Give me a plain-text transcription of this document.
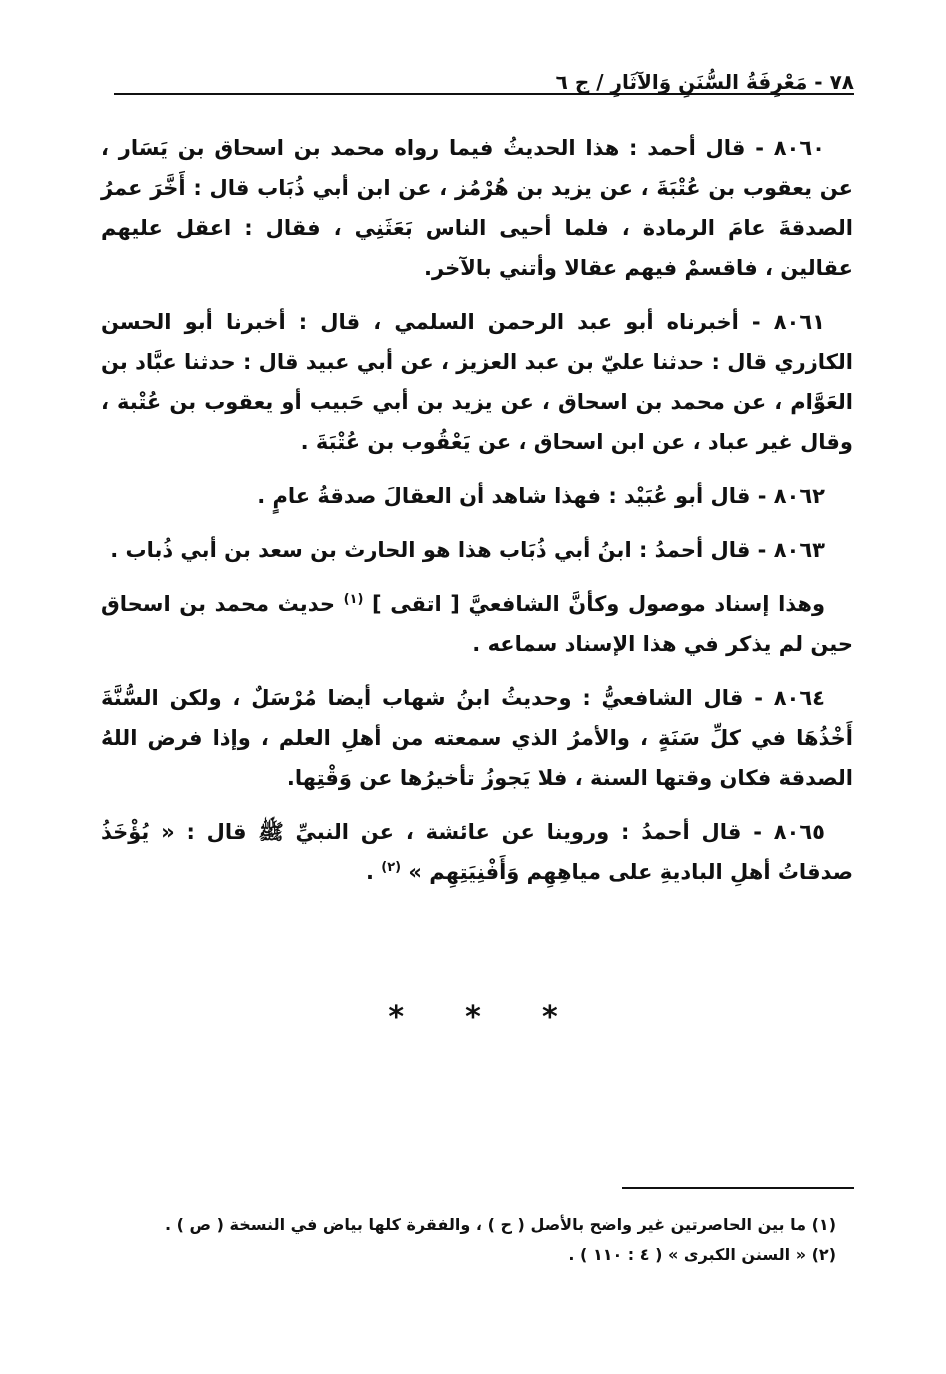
٧٨ - مَعْرِفَةُ السُّنَنِ وَالآثَارِ / ج ٦

٨٠٦٠ - قال أحمد : هذا الحديثُ فيما رواه محمد بن اسحاق بن يَسَار ، عن يعقوب بن عُتْبَةَ ، عن يزيد بن هُرْمُز ، عن ابن أبي ذُبَاب قال : أَخَّرَ عمرُ الصدقةَ عامَ الرمادة ، فلما أحيى الناس بَعَثَنِي ، فقال : اعقل عليهم عقالين ، فاقسمْ فيهم عقالا وأتني بالآخر.

٨٠٦١ - أخبرناه أبو عبد الرحمن السلمي ، قال : أخبرنا أبو الحسن الكازري قال : حدثنا عليّ بن عبد العزيز ، عن أبي عبيد قال : حدثنا عبَّاد بن العَوَّام ، عن محمد بن اسحاق ، عن يزيد بن أبي حَبيب أو يعقوب بن عُتْبة ، وقال غير عباد ، عن ابن اسحاق ، عن يَعْقُوب بن عُتْبَةَ .

٨٠٦٢ - قال أبو عُبَيْد : فهذا شاهد أن العقالَ صدقةُ عامٍ .

٨٠٦٣ - قال أحمدُ : ابنُ أبي ذُبَاب هذا هو الحارث بن سعد بن أبي ذُباب .

وهذا إسناد موصول وكأنَّ الشافعيَّ [ اتقى ] $^{(١)}$ حديث محمد بن اسحاق حين لم يذكر في هذا الإسناد سماعه .

٨٠٦٤ - قال الشافعيُّ : وحديثُ ابنُ شهاب أيضا مُرْسَلٌ ، ولكن السُّنَّةَ أَخْذُهَا في كلِّ سَنَةٍ ، والأمرُ الذي سمعته من أهلِ العلم ، وإذا فرض اللهُ الصدقة فكان وقتها السنة ، فلا يَجوزُ تأخيرُها عن وَقْتِها.

٨٠٦٥ - قال أحمدُ : وروينا عن عائشة ، عن النبيِّ ﷺ قال : « يُؤْخَذُ صدقاتُ أهلِ الباديةِ على مياهِهِم وَأَفْنِيَتِهِم » $^{(٢)}$ .

* * *

(١) ما بين الحاصرتين غير واضح بالأصل ( ح ) ، والفقرة كلها بياض في النسخة ( ص ) .

(٢) « السنن الكبرى » ( ٤ : ١١٠ ) .
